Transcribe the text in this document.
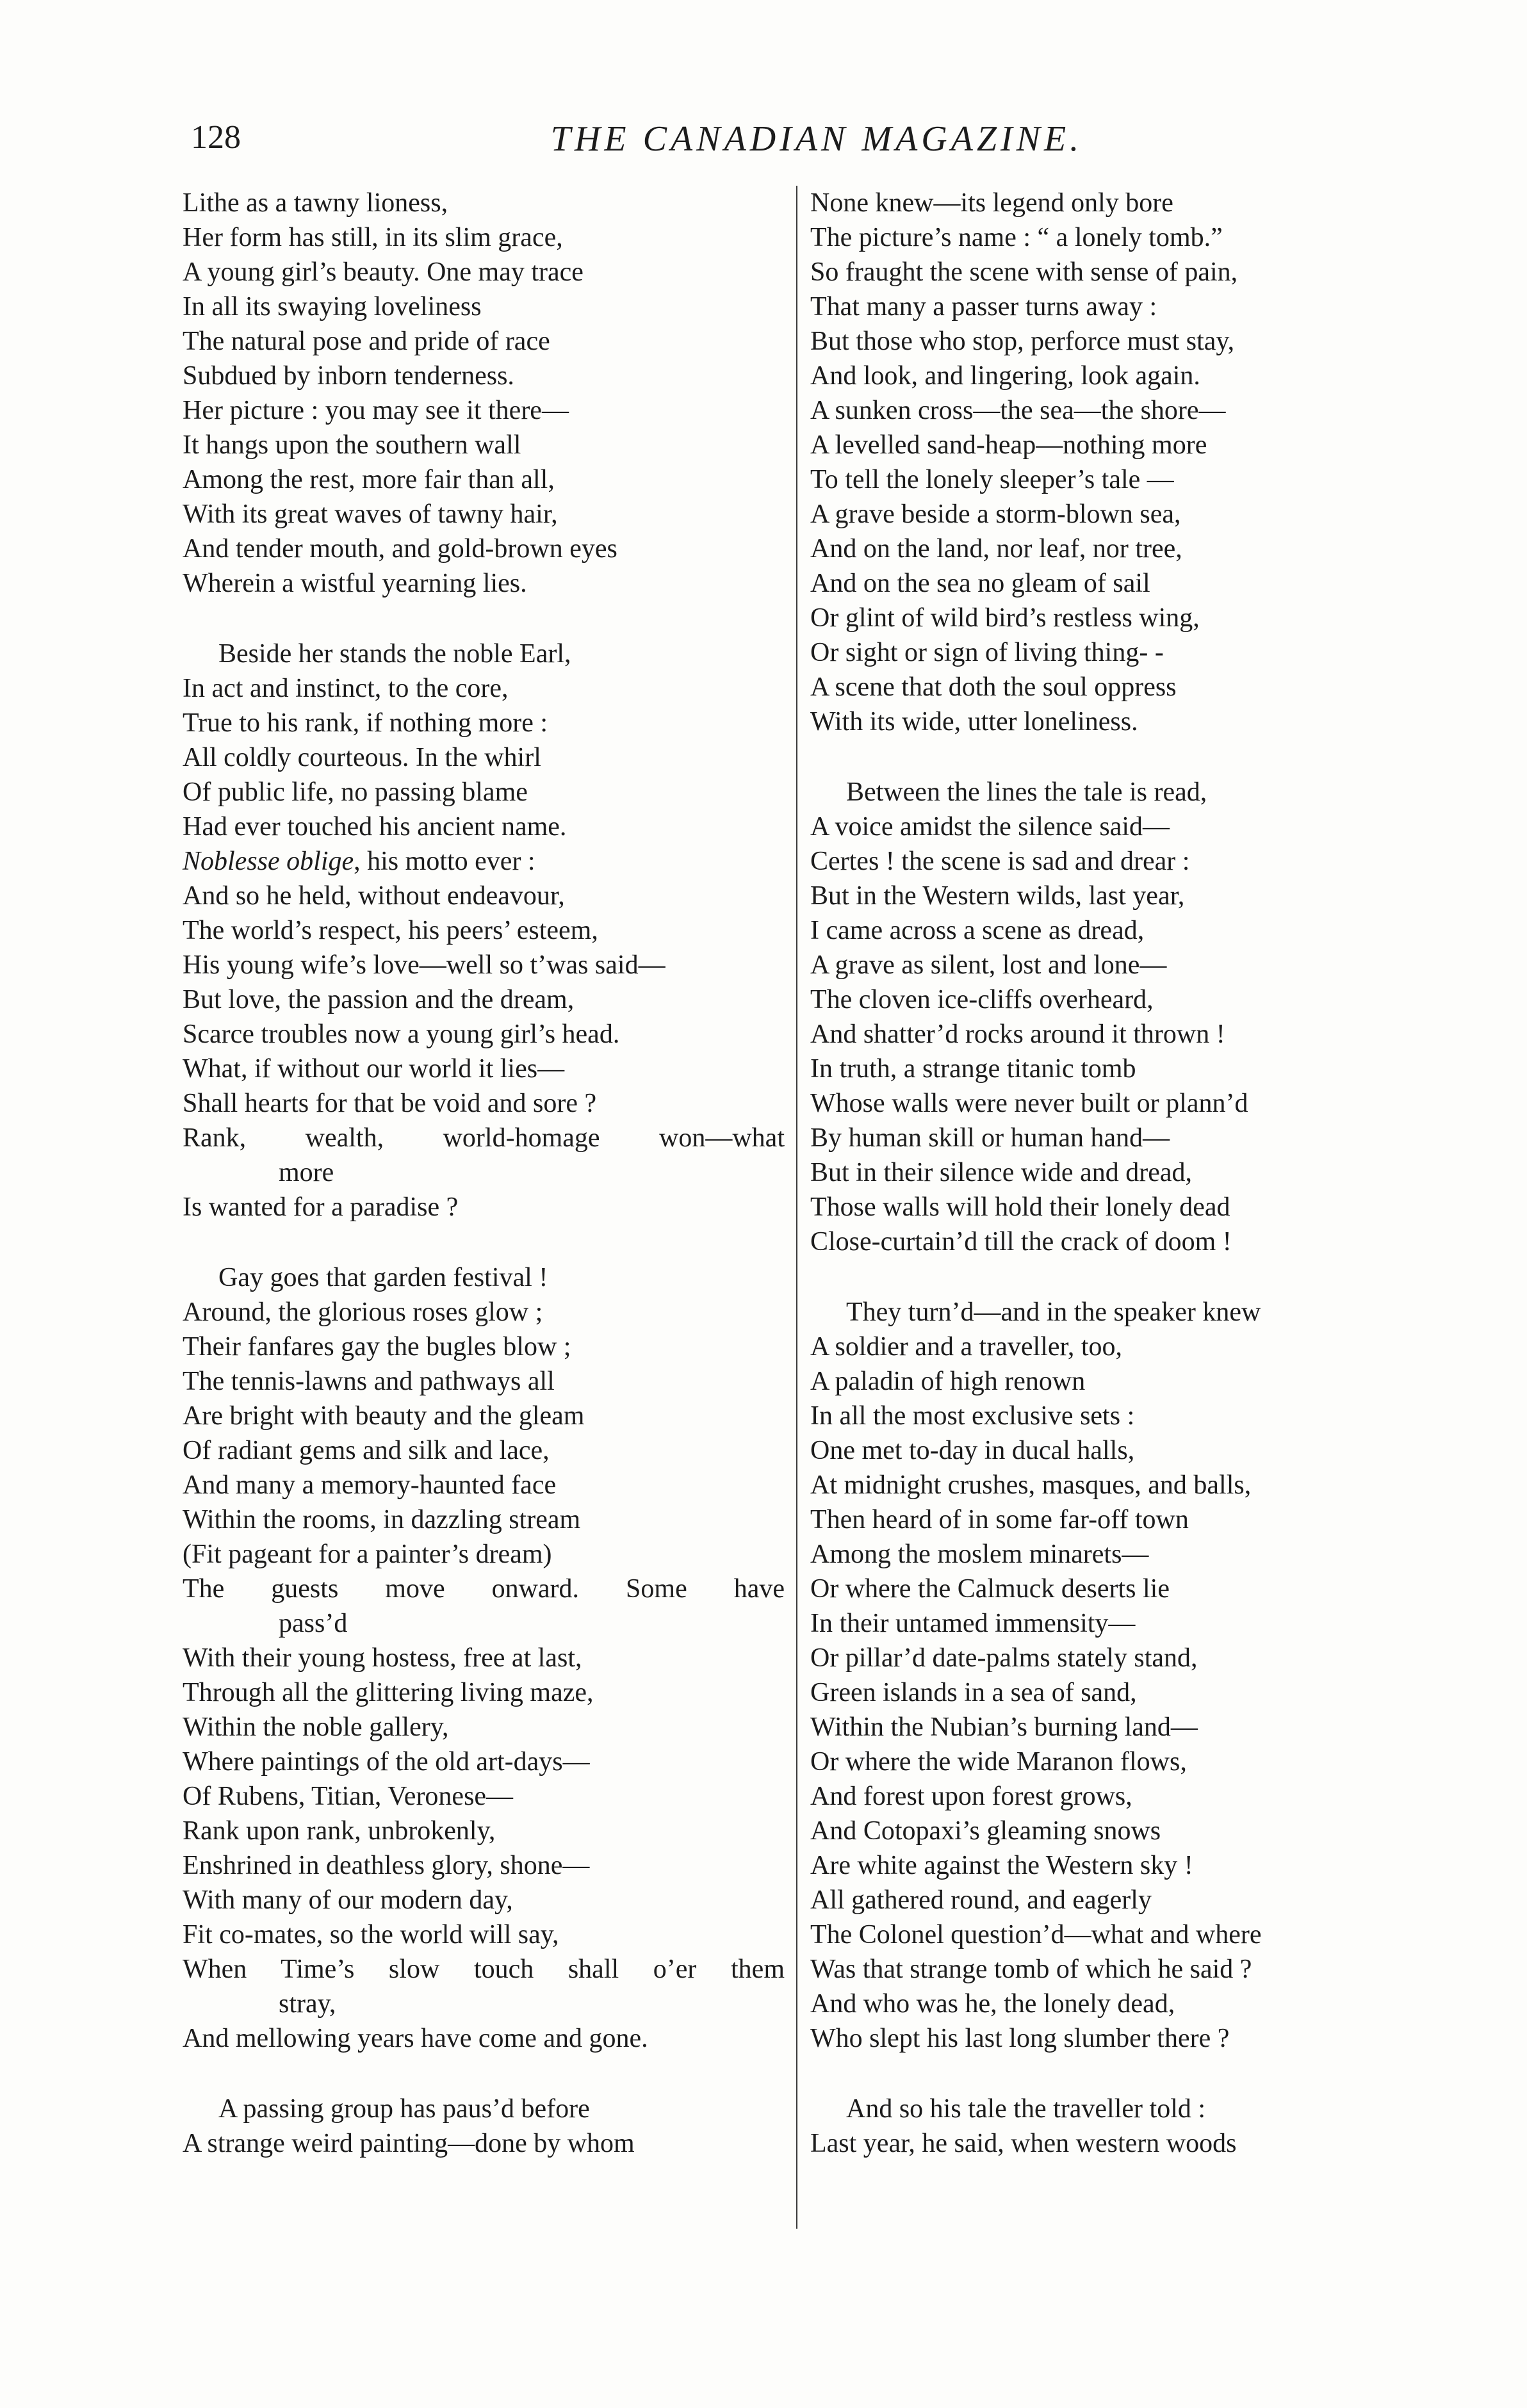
128	THE CANADIAN MAGAZINE.
Lithe as a tawny lioness,
Her form has still, in its slim grace,
A young girl’s beauty. One may trace
In all its swaying loveliness
The natural pose and pride of race
Subdued by inborn tenderness.
Her picture : you may see it there—
It hangs upon the southern wall
Among the rest, more fair than all,
With its great waves of tawny hair,
And tender mouth, and gold-brown eyes
Wherein a wistful yearning lies.
Beside her stands the noble Earl,
In act and instinct, to the core,
True to his rank, if nothing more :
All coldly courteous. In the whirl
Of public life, no passing blame
Had ever touched his ancient name.
Noblesse oblige, his motto ever :
And so he held, without endeavour,
The world’s respect, his peers’ esteem,
His young wife’s love—well so t’was said—
But love, the passion and the dream,
Scarce troubles now a young girl’s head.
What, if without our world it lies—
Shall hearts for that be void and sore ?
Rank, wealth, world-homage won—what
more
Is wanted for a paradise ?
Gay goes that garden festival !
Around, the glorious roses glow ;
Their fanfares gay the bugles blow ;
The tennis-lawns and pathways all
Are bright with beauty and the gleam
Of radiant gems and silk and lace,
And many a memory-haunted face
Within the rooms, in dazzling stream
(Fit pageant for a painter’s dream)
The guests move onward. Some have
pass’d
With their young hostess, free at last,
Through all the glittering living maze,
Within the noble gallery,
Where paintings of the old art-days—
Of Rubens, Titian, Veronese—
Rank upon rank, unbrokenly,
Enshrined in deathless glory, shone—
With many of our modern day,
Fit co-mates, so the world will say,
When Time’s slow touch shall o’er them
stray,
And mellowing years have come and gone.
A passing group has paus’d before
A strange weird painting—done by whom
None knew—its legend only bore
The picture’s name : “ a lonely tomb.”
So fraught the scene with sense of pain,
That many a passer turns away :
But those who stop, perforce must stay,
And look, and lingering, look again.
A sunken cross—the sea—the shore—
A levelled sand-heap—nothing more
To tell the lonely sleeper’s tale —
A grave beside a storm-blown sea,
And on the land, nor leaf, nor tree,
And on the sea no gleam of sail
Or glint of wild bird’s restless wing,
Or sight or sign of living thing- -
A scene that doth the soul oppress
With its wide, utter loneliness.
Between the lines the tale is read,
A voice amidst the silence said—
Certes ! the scene is sad and drear :
But in the Western wilds, last year,
I came across a scene as dread,
A grave as silent, lost and lone—
The cloven ice-cliffs overheard,
And shatter’d rocks around it thrown !
In truth, a strange titanic tomb
Whose walls were never built or plann’d
By human skill or human hand—
But in their silence wide and dread,
Those walls will hold their lonely dead
Close-curtain’d till the crack of doom !
They turn’d—and in the speaker knew
A soldier and a traveller, too,
A paladin of high renown
In all the most exclusive sets :
One met to-day in ducal halls,
At midnight crushes, masques, and balls,
Then heard of in some far-off town
Among the moslem minarets—
Or where the Calmuck deserts lie
In their untamed immensity—
Or pillar’d date-palms stately stand,
Green islands in a sea of sand,
Within the Nubian’s burning land—
Or where the wide Maranon flows,
And forest upon forest grows,
And Cotopaxi’s gleaming snows
Are white against the Western sky !
All gathered round, and eagerly
The Colonel question’d—what and where
Was that strange tomb of which he said ?
And who was he, the lonely dead,
Who slept his last long slumber there ?
And so his tale the traveller told :
Last year, he said, when western woods
